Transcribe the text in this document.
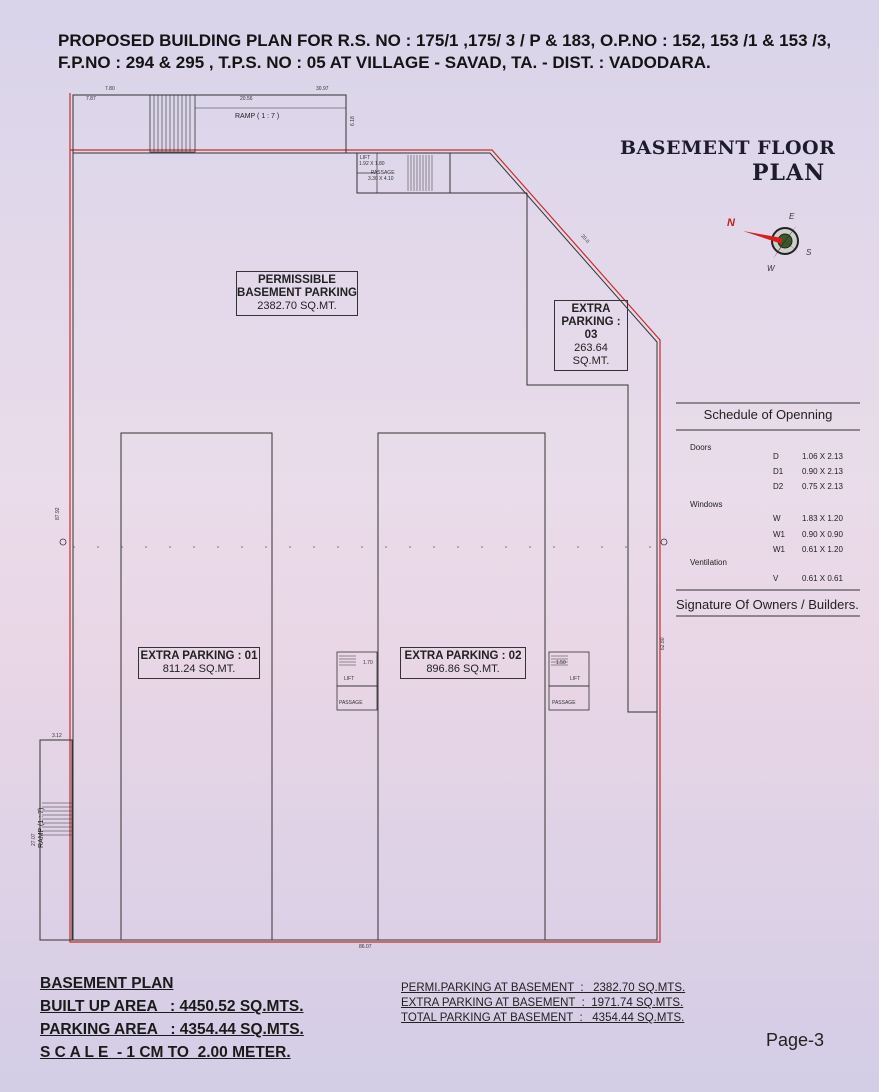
PROPOSED BUILDING PLAN FOR R.S. NO : 175/1 ,175/ 3 / P & 183, O.P.NO : 152, 153 /1 & 153 /3,
F.P.NO : 294 & 295 , T.P.S. NO : 05 AT VILLAGE - SAVAD, TA. - DIST. : VADODARA.
BASEMENT FLOOR
PLAN
N
E
S
W
PERMISSIBLE
BASEMENT PARKING
2382.70 SQ.MT.	EXTRA
PARKING : 03
263.64 SQ.MT.
EXTRA PARKING : 01
811.24 SQ.MT.
EXTRA PARKING : 02
896.86 SQ.MT.
RAMP ( 1 : 7 )
RAMP (1 : 7)
PASSAGE
3.30 X 4.10
LIFT
1.92 X 1.80
PASSAGE	PASSAGE
LIFT	LIFT
1.70	1.50
7.80
7.87	20.56
30.97
86.07
20.0
87.92
62.80
3.12
27.07
6.18
Schedule of Openning
Doors
D	1.06 X 2.13
D1 0.90 X 2.13
D2 0.75 X 2.13
Windows
W	1.83 X 1.20
W1 0.90 X 0.90
W1 0.61 X 1.20
Ventilation
V	0.61 X 0.61
Signature Of Owners / Builders.
BASEMENT PLAN
BUILT UP AREA   : 4450.52 SQ.MTS.
PARKING AREA   : 4354.44 SQ.MTS.
S C A L E  - 1 CM TO  2.00 METER.
PERMI.PARKING AT BASEMENT  :   2382.70 SQ.MTS.
EXTRA PARKING AT BASEMENT  :  1971.74 SQ.MTS.
TOTAL PARKING AT BASEMENT  :   4354.44 SQ.MTS.
Page-3
